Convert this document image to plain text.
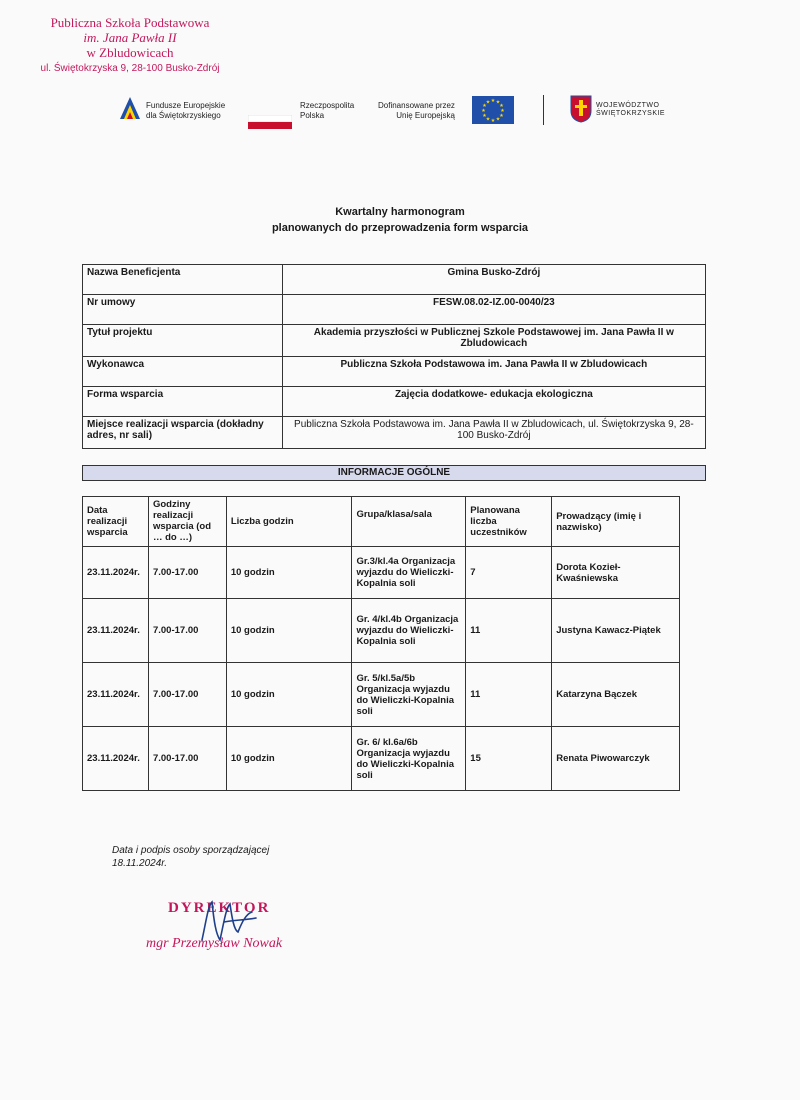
Publiczna Szkoła Podstawowa
im. Jana Pawła II
w Zbludowicach
ul. Świętokrzyska 9, 28-100 Busko-Zdrój
Fundusze Europejskie
dla Świętokrzyskiego
Rzeczpospolita
Polska
Dofinansowane przez
Unię Europejską
★ ★
★
★
★
★
★
★
★
★
★
★	WOJEWÓDZTWO
ŚWIĘTOKRZYSKIE
Kwartalny harmonogram
planowanych do przeprowadzenia form wsparcia
Nazwa Beneficjenta	Gmina Busko-Zdrój
Nr umowy	FESW.08.02-IZ.00-0040/23
Tytuł projektu	Akademia przyszłości w Publicznej Szkole Podstawowej im. Jana Pawła II w Zbludowicach
Wykonawca	Publiczna Szkoła Podstawowa im. Jana Pawła II w Zbludowicach
Forma wsparcia	Zajęcia dodatkowe- edukacja ekologiczna
Miejsce realizacji wsparcia (dokładny adres, nr sali)	Publiczna Szkoła Podstawowa im. Jana Pawła II w Zbludowicach, ul. Świętokrzyska 9, 28-100 Busko-Zdrój
INFORMACJE OGÓLNE
Data realizacji wsparcia	Godziny realizacji wsparcia (od … do …)	Liczba godzin	Grupa/klasa/sala	Planowana liczba uczestników	Prowadzący (imię i nazwisko)
23.11.2024r.	7.00-17.00	10 godzin	Gr.3/kl.4a Organizacja wyjazdu do Wieliczki-Kopalnia soli	7	Dorota Kozieł-Kwaśniewska
23.11.2024r.	7.00-17.00	10 godzin	Gr. 4/kl.4b Organizacja wyjazdu do Wieliczki-Kopalnia soli	11	Justyna Kawacz-Piątek
23.11.2024r.	7.00-17.00	10 godzin	Gr. 5/kl.5a/5b Organizacja wyjazdu do Wieliczki-Kopalnia soli	11	Katarzyna Bączek
23.11.2024r.	7.00-17.00	10 godzin	Gr. 6/ kl.6a/6b Organizacja wyjazdu do Wieliczki-Kopalnia soli	15	Renata Piwowarczyk
Data i podpis osoby sporządzającej
18.11.2024r.
DYREKTOR
mgr Przemysław Nowak
